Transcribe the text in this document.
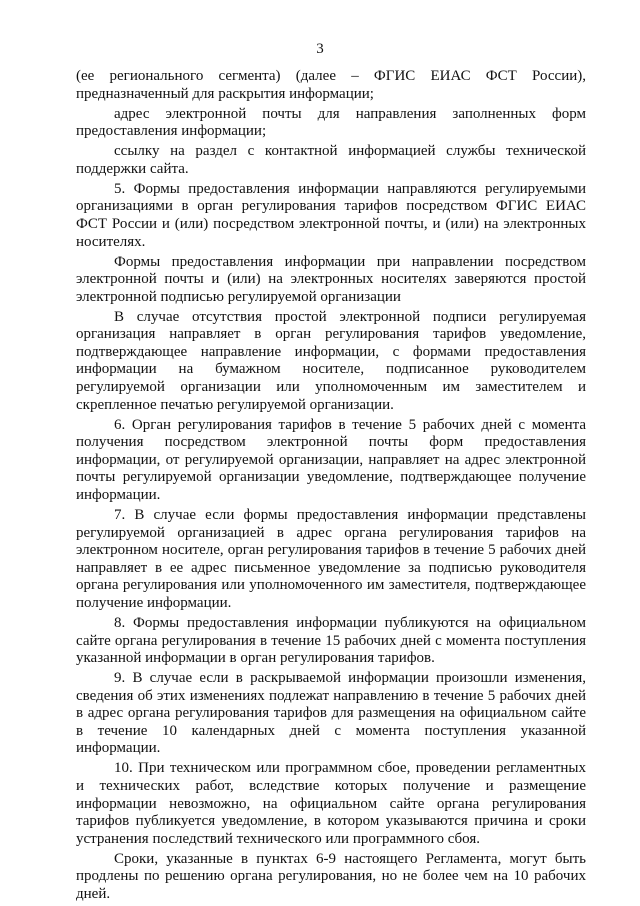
3

(ее регионального сегмента) (далее – ФГИС ЕИАС ФСТ России), предназначенный для раскрытия информации;

адрес электронной почты для направления заполненных форм предоставления информации;

ссылку на раздел с контактной информацией службы технической поддержки сайта.

5. Формы предоставления информации направляются регулируемыми организациями в орган регулирования тарифов посредством ФГИС ЕИАС ФСТ России и (или) посредством электронной почты, и (или) на электронных носителях.

Формы предоставления информации при направлении посредством электронной почты и (или) на электронных носителях заверяются простой электронной подписью регулируемой организации

В случае отсутствия простой электронной подписи регулируемая организация направляет в орган регулирования тарифов уведомление, подтверждающее направление информации, с формами предоставления информации на бумажном носителе, подписанное руководителем регулируемой организации или уполномоченным им заместителем и скрепленное печатью регулируемой организации.

6. Орган регулирования тарифов в течение 5 рабочих дней с момента получения посредством электронной почты форм предоставления информации, от регулируемой организации, направляет на адрес электронной почты регулируемой организации уведомление, подтверждающее получение информации.

7. В случае если формы предоставления информации представлены регулируемой организацией в адрес органа регулирования тарифов на электронном носителе, орган регулирования тарифов в течение 5 рабочих дней направляет в ее адрес письменное уведомление за подписью руководителя органа регулирования или уполномоченного им заместителя, подтверждающее получение информации.

8. Формы предоставления информации публикуются на официальном сайте органа регулирования в течение 15 рабочих дней с момента поступления указанной информации в орган регулирования тарифов.

9. В случае если в раскрываемой информации произошли изменения, сведения об этих изменениях подлежат направлению в течение 5 рабочих дней в адрес органа регулирования тарифов для размещения на официальном сайте в течение 10 календарных дней с момента поступления указанной информации.

10. При техническом или программном сбое, проведении регламентных и технических работ, вследствие которых получение и размещение информации невозможно, на официальном сайте органа регулирования тарифов публикуется уведомление, в котором указываются причина и сроки устранения последствий технического или программного сбоя.

Сроки, указанные в пунктах 6-9 настоящего Регламента, могут быть продлены по решению органа регулирования, но не более чем на 10 рабочих дней.
